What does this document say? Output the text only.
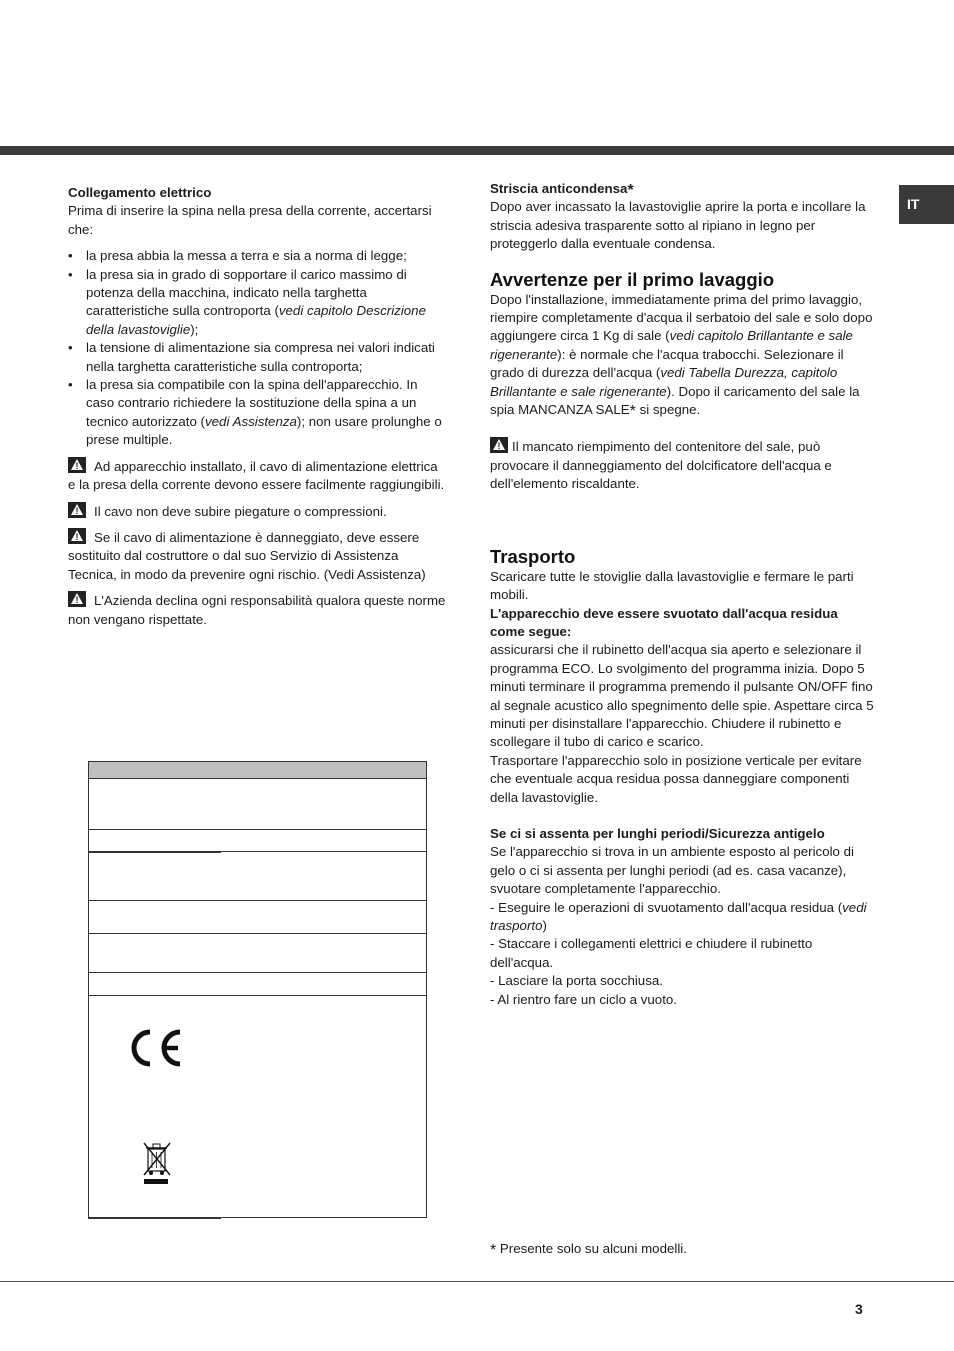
IT
Collegamento elettrico

Prima di inserire la spina nella presa della corrente, accertarsi che:

• la presa abbia la messa a terra e sia a norma di legge;
• la presa sia in grado di sopportare il carico massimo di potenza della macchina, indicato nella targhetta caratteristiche sulla controporta (vedi capitolo Descrizione della lavastoviglie);
• la tensione di alimentazione sia compresa nei valori indicati nella targhetta caratteristiche sulla controporta;
• la presa sia compatibile con la spina dell'apparecchio. In caso contrario richiedere la sostituzione della spina a un tecnico autorizzato (vedi Assistenza); non usare prolunghe o prese multiple.

!Ad apparecchio installato, il cavo di alimentazione elettrica e la presa della corrente devono essere facilmente raggiungibili.

!Il cavo non deve subire piegature o compressioni.

!Se il cavo di alimentazione è danneggiato, deve essere sostituito dal costruttore o dal suo Servizio di Assistenza Tecnica, in modo da prevenire ogni rischio. (Vedi Assistenza)

!L'Azienda declina ogni responsabilità qualora queste norme non vengano rispettate.

Striscia anticondensa*

Dopo aver incassato la lavastoviglie aprire la porta e incollare la striscia adesiva trasparente sotto al ripiano in legno per proteggerlo dalla eventuale condensa.

Avvertenze per il primo lavaggio

Dopo l'installazione, immediatamente prima del primo lavaggio, riempire completamente d'acqua il serbatoio del sale e solo dopo aggiungere circa 1 Kg di sale (vedi capitolo Brillantante e sale rigenerante): è normale che l'acqua trabocchi. Selezionare il grado di durezza dell'acqua (vedi Tabella Durezza, capitolo Brillantante e sale rigenerante). Dopo il caricamento del sale la spia MANCANZA SALE* si spegne.

!Il mancato riempimento del contenitore del sale, può provocare il danneggiamento del dolcificatore dell'acqua e dell'elemento riscaldante.

Trasporto

Scaricare tutte le stoviglie dalla lavastoviglie e fermare le parti mobili.

L'apparecchio deve essere svuotato dall'acqua residua come segue:

assicurarsi che il rubinetto dell'acqua sia aperto e selezionare il programma ECO. Lo svolgimento del programma inizia. Dopo 5 minuti terminare il programma premendo il pulsante ON/OFF fino al segnale acustico allo spegnimento delle spie. Aspettare circa 5 minuti per disinstallare l'apparecchio. Chiudere il rubinetto e scollegare il tubo di carico e scarico.

Trasportare l'apparecchio solo in posizione verticale per evitare che eventuale acqua residua possa danneggiare componenti della lavastoviglie.

Se ci si assenta per lunghi periodi/Sicurezza antigelo

Se l'apparecchio si trova in un ambiente esposto al pericolo di gelo o ci si assenta per lunghi periodi (ad es. casa vacanze), svuotare completamente l'apparecchio.

- Eseguire le operazioni di svuotamento dall'acqua residua (vedi trasporto)

- Staccare i collegamenti elettrici e chiudere il rubinetto dell'acqua.

- Lasciare la porta socchiusa.

- Al rientro fare un ciclo a vuoto.

* Presente solo su alcuni modelli.
3
